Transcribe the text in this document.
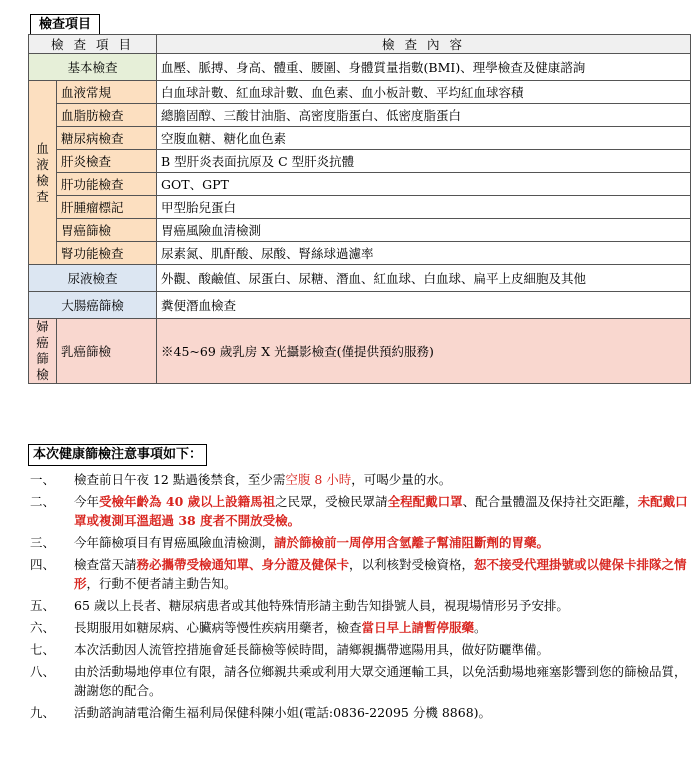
檢查項目
檢 查 項 目		檢 查 內 容
基本檢查		血壓、脈搏、身高、體重、腰圍、身體質量指數(BMI)、理學檢查及健康諮詢
血
液
檢
查	血液常規	白血球計數、紅血球計數、血色素、血小板計數、平均紅血球容積
	血脂肪檢查	總膽固醇、三酸甘油脂、高密度脂蛋白、低密度脂蛋白
	糖尿病檢查	空腹血糖、糖化血色素
	肝炎檢查	B 型肝炎表面抗原及 C 型肝炎抗體
	肝功能檢查	GOT、GPT
	肝腫瘤標記	甲型胎兒蛋白
	胃癌篩檢	胃癌風險血清檢測
	腎功能檢查	尿素氮、肌酐酸、尿酸、腎絲球過濾率
尿液檢查		外觀、酸鹼值、尿蛋白、尿糖、潛血、紅血球、白血球、扁平上皮細胞及其他
大腸癌篩檢		糞便潛血檢查
婦
癌
篩
檢	乳癌篩檢	※45~69 歲乳房 X 光攝影檢查(僅提供預約服務)
本次健康篩檢注意事項如下：
一、	檢查前日午夜 12 點過後禁食，至少需空腹 8 小時，可喝少量的水。
二、	今年受檢年齡為 40 歲以上設籍馬祖之民眾，受檢民眾請全程配戴口罩、配合量體溫及保持社交距離，未配戴口罩或複測耳溫超過 38 度者不開放受檢。
三、	今年篩檢項目有胃癌風險血清檢測，請於篩檢前一周停用含氫離子幫浦阻斷劑的胃藥。
四、	檢查當天請務必攜帶受檢通知單、身分證及健保卡，以利核對受檢資格，恕不接受代理掛號或以健保卡排隊之情形，行動不便者請主動告知。
五、	65 歲以上長者、糖尿病患者或其他特殊情形請主動告知掛號人員，視現場情形另予安排。
六、	長期服用如糖尿病、心臟病等慢性疾病用藥者，檢查當日早上請暫停服藥。
七、	本次活動因人流管控措施會延長篩檢等候時間，請鄉親攜帶遮陽用具，做好防曬準備。
八、	由於活動場地停車位有限，請各位鄉親共乘或利用大眾交通運輸工具，以免活動場地雍塞影響到您的篩檢品質，謝謝您的配合。
九、	活動諮詢請電洽衛生福利局保健科陳小姐(電話:0836-22095 分機 8868)。
